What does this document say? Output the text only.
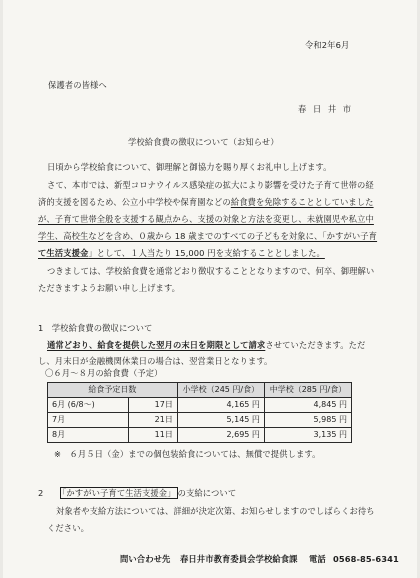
令和2年6月
保護者の皆様へ
春 日 井 市
学校給食費の徴収について（お知らせ）
日頃から学校給食について、御理解と御協力を賜り厚くお礼申し上げます。
さて、本市では、新型コロナウイルス感染症の拡大により影響を受けた子育て世帯の経
済的支援を図るため、公立小中学校や保育園などの給食費を免除することとしていました
が、子育て世帯全般を支援する観点から、支援の対象と方法を変更し、未就園児や私立中
学生、高校生などを含め、０歳から 18 歳までのすべての子どもを対象に、「かすがい子育
て生活支援金」として、１人当たり 15,000 円を支給することとしました。
つきましては、学校給食費を通常どおり徴収することとなりますので、何卒、御理解い
ただきますようお願い申し上げます。
1　学校給食費の徴収について
通常どおり、給食を提供した翌月の末日を期限として請求させていただきます。ただ
し、月末日が金融機関休業日の場合は、翌営業日となります。
〇６月～８月の給食費（予定）
給食予定日数		小学校（245 円/食）	中学校（285 円/食）
6月 (6/8～)	17日	4,165 円	4,845 円
7月	21日	5,145 円	5,985 円
8月	11日	2,695 円	3,135 円
※　６月５日（金）までの個包装給食については、無償で提供します。
2　　 「かすがい子育て生活支援金」 の支給について
対象者や支給方法については、詳細が決定次第、お知らせしますのでしばらくお待ち
ください。
問い合わせ先 春日井市教育委員会学校給食課 電話 0568-85-6341
